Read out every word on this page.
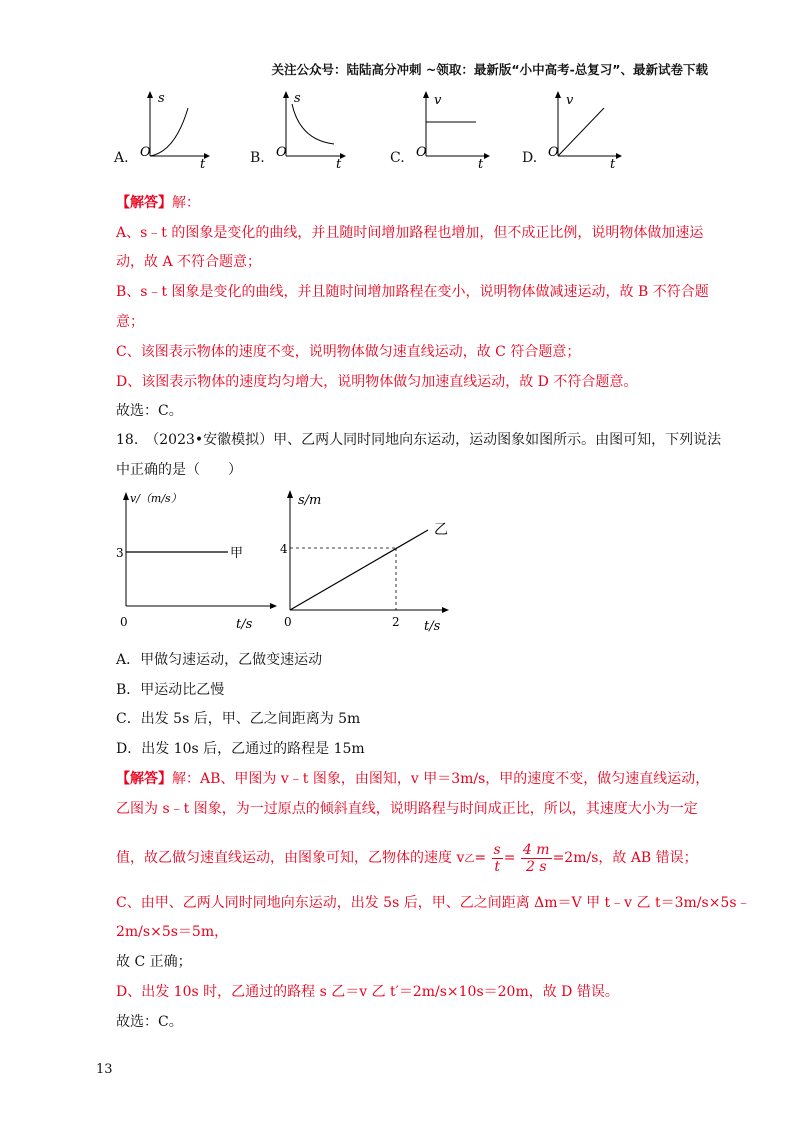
关注公众号：陆陆高分冲刺 ~领取：最新版“小中高考-总复习”、最新试卷下载
A. O
s
t	B. O
s
t	C. O
v
t	D. O
v
t
【解答】解：
A、s﹣t 的图象是变化的曲线，并且随时间增加路程也增加，但不成正比例，说明物体做加速运
动，故 A 不符合题意；
B、s﹣t 图象是变化的曲线，并且随时间增加路程在变小，说明物体做减速运动，故 B 不符合题
意；
C、该图表示物体的速度不变，说明物体做匀速直线运动，故 C 符合题意；
D、该图表示物体的速度均匀增大，说明物体做匀加速直线运动，故 D 不符合题意。
故选：C。
18.　（2023•安徽模拟）甲、乙两人同时同地向东运动，运动图象如图所示。由图可知，下列说法
中正确的是（　　）
v/（m/s）
3	甲
0	t/s
s/m
4
乙
0	2 t/s
A．甲做匀速运动，乙做变速运动
B．甲运动比乙慢
C．出发 5s 后，甲、乙之间距离为 5m
D．出发 10s 后，乙通过的路程是 15m
【解答】解：AB、甲图为 v﹣t 图象，由图知，v 甲＝3m/s，甲的速度不变，做匀速直线运动，
乙图为 s﹣t 图象，为一过原点的倾斜直线，说明路程与时间成正比，所以，其速度大小为一定
值，故乙做匀速直线运动，由图象可知，乙物体的速度 v乙= $\frac{s}{t} = \frac{4 m}{2 s} =2m/s$，故 AB 错误；
C、由甲、乙两人同时同地向东运动，出发 5s 后，甲、乙之间距离 Δm＝V 甲 t﹣v 乙 t＝3m/s×5s﹣
2m/s×5s＝5m，
故 C 正确；
D、出发 10s 时，乙通过的路程 s 乙＝v 乙 t′＝2m/s×10s＝20m，故 D 错误。
故选：C。
13
